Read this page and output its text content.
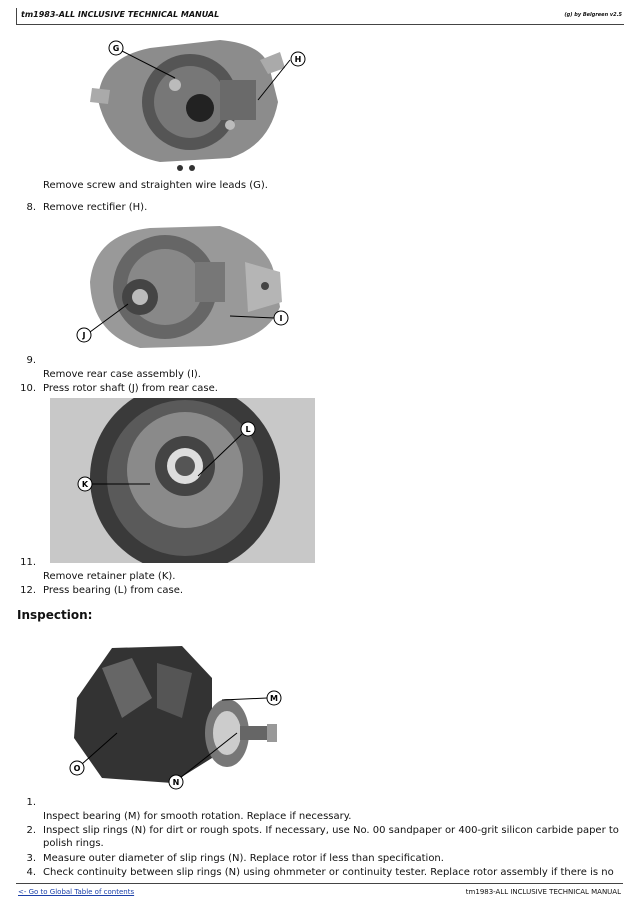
tm1983-ALL INCLUSIVE TECHNICAL MANUAL	(g) by Belgreen v2.5
G
H
Remove screw and straighten wire leads (G).
8. Remove rectifier (H).
J
I
9.
Remove rear case assembly (I).
10. Press rotor shaft (J) from rear case.
L
K
11.
Remove retainer plate (K).
12. Press bearing (L) from case.
Inspection:
M
O
N
1.
Inspect bearing (M) for smooth rotation. Replace if necessary.
2. Inspect slip rings (N) for dirt or rough spots. If necessary, use No. 00 sandpaper or 400-grit silicon carbide paper to polish rings.
3. Measure outer diameter of slip rings (N). Replace rotor if less than specification.
4. Check continuity between slip rings (N) using ohmmeter or continuity tester. Replace rotor assembly if there is no
<- Go to Global Table of contents	tm1983-ALL INCLUSIVE TECHNICAL MANUAL
